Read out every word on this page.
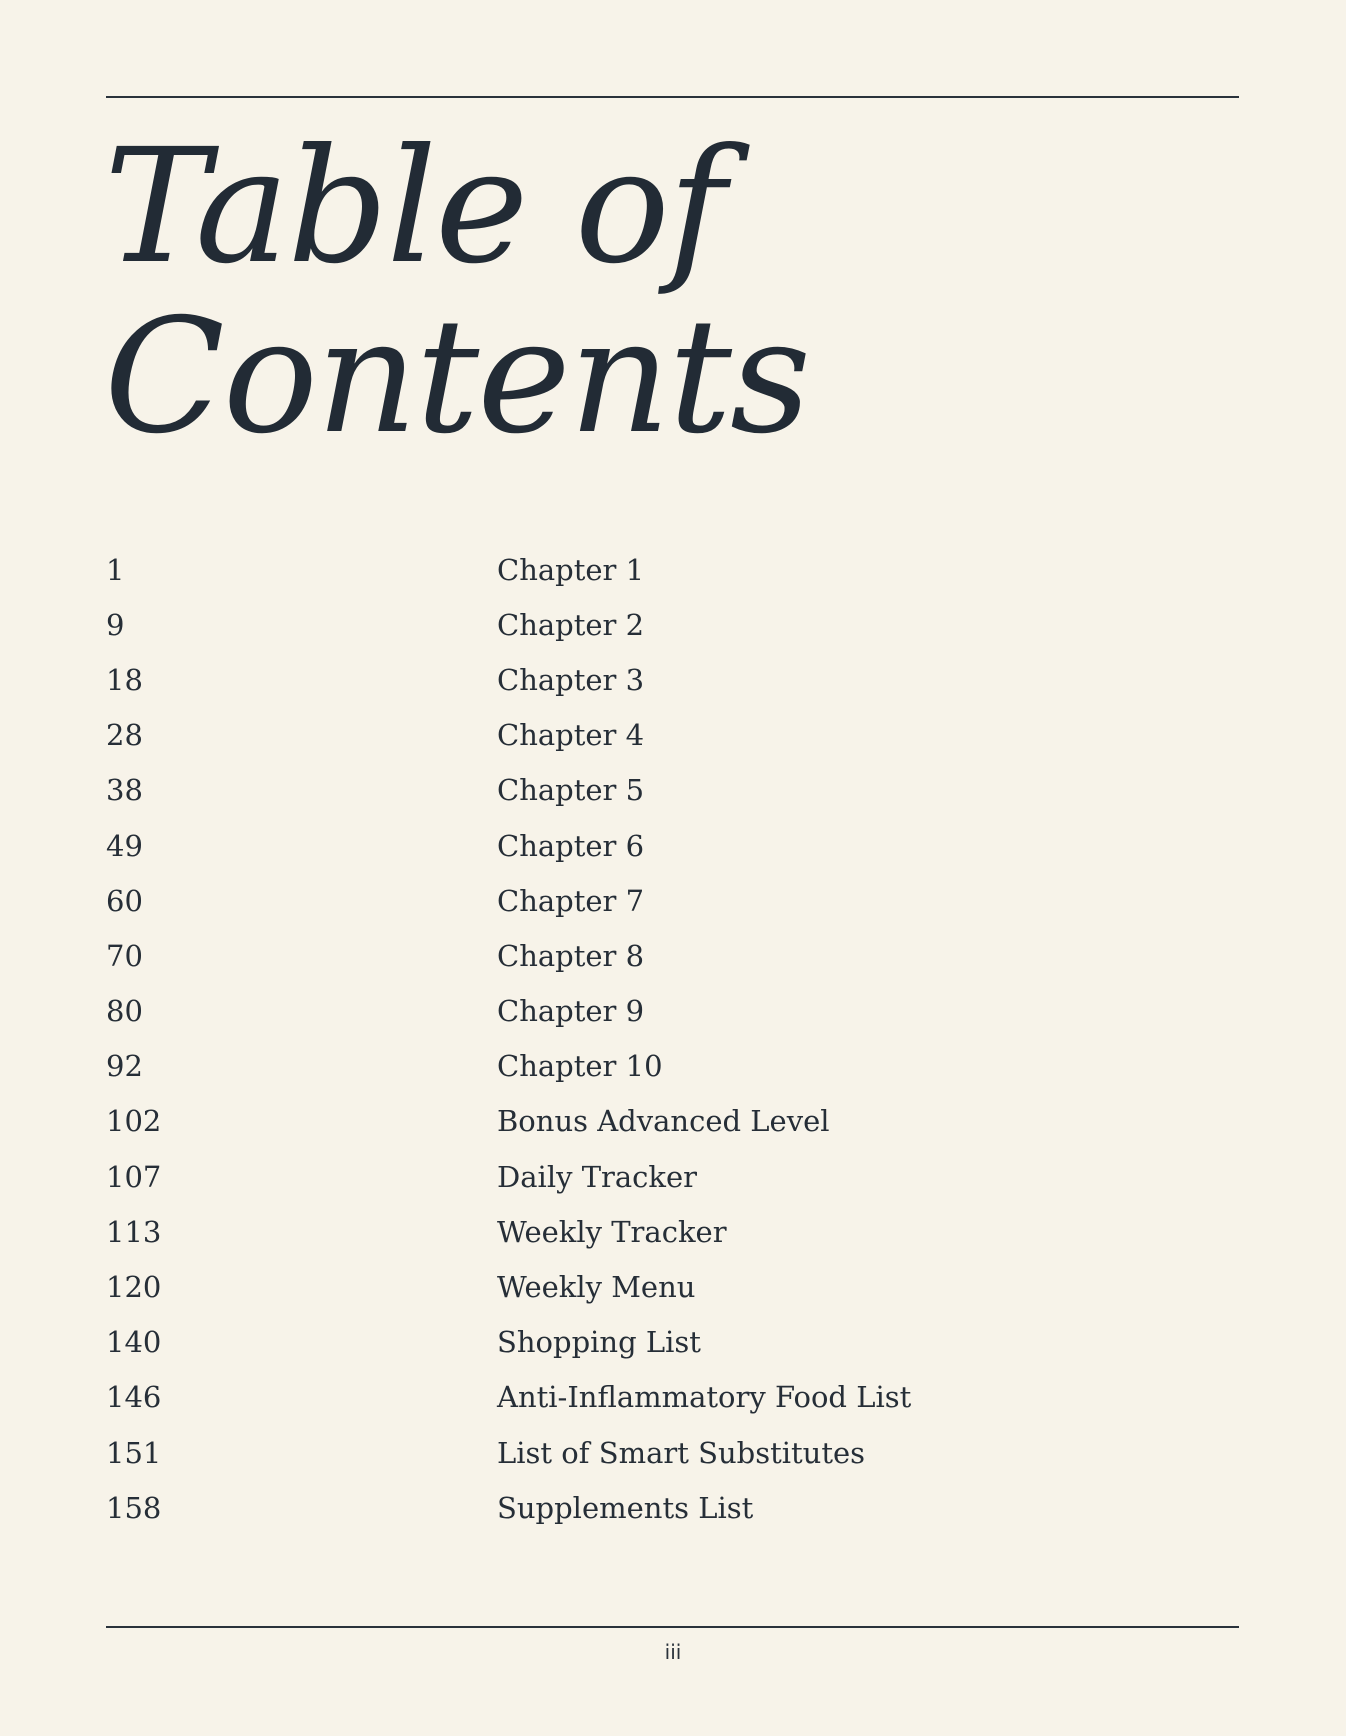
Table of
Contents
1	Chapter 1
9	Chapter 2
18	Chapter 3
28	Chapter 4
38	Chapter 5
49	Chapter 6
60	Chapter 7
70	Chapter 8
80	Chapter 9
92	Chapter 10
102	Bonus Advanced Level
107	Daily Tracker
113	Weekly Tracker
120	Weekly Menu
140	Shopping List
146	Anti-Inflammatory Food List
151	List of Smart Substitutes
158	Supplements List
iii
